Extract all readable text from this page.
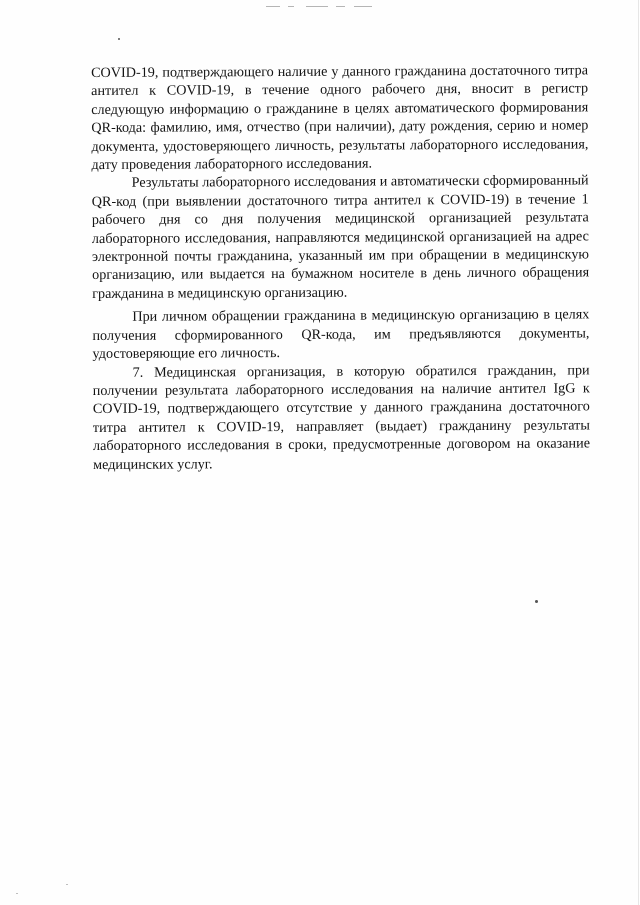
COVID-19, подтверждающего наличие у данного гражданина достаточного титра антител к COVID-19, в течение одного рабочего дня, вносит в регистр следующую информацию о гражданине в целях автоматического формирования QR-кода: фамилию, имя, отчество (при наличии), дату рождения, серию и номер документа, удостоверяющего личность, результаты лабораторного исследования, дату проведения лабораторного исследования.

Результаты лабораторного исследования и автоматически сформированный QR-код (при выявлении достаточного титра антител к COVID-19) в течение 1 рабочего дня со дня получения медицинской организацией результата лабораторного исследования, направляются медицинской организацией на адрес электронной почты гражданина, указанный им при обращении в медицинскую организацию, или выдается на бумажном носителе в день личного обращения гражданина в медицинскую организацию.

При личном обращении гражданина в медицинскую организацию в целях получения сформированного QR-кода, им предъявляются документы, удостоверяющие его личность.

7. Медицинская организация, в которую обратился гражданин, при получении результата лабораторного исследования на наличие антител IgG к COVID-19, подтверждающего отсутствие у данного гражданина достаточного титра антител к COVID-19, направляет (выдает) гражданину результаты лабораторного исследования в сроки, предусмотренные договором на оказание медицинских услуг.
